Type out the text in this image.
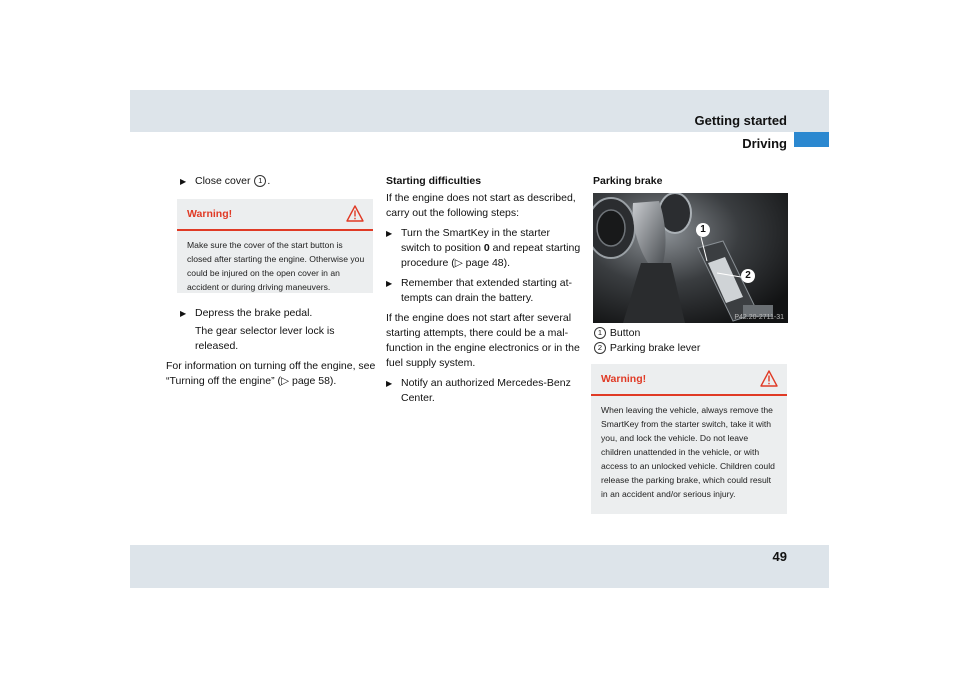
Getting started
Driving

▶ Close cover 1 .

Warning!
Make sure the cover of the start button is closed after starting the engine. Otherwise you could be injured on the open cover in an accident or during driving maneuvers.

▶ Depress the brake pedal.

The gear selector lever lock is released.

For information on turning off the engine, see “Turning off the engine” (▷ page 58).

Starting difficulties

If the engine does not start as described, carry out the following steps:

▶ Turn the SmartKey in the starter switch to position 0 and repeat starting procedure (▷ page 48).

▶ Remember that extended starting at-tempts can drain the battery.

If the engine does not start after several starting attempts, there could be a mal-function in the engine electronics or in the fuel supply system.

▶ Notify an authorized Mercedes-Benz Center.

Parking brake

1
2
P42.20-2711-31

1 Button

2 Parking brake lever

Warning!
When leaving the vehicle, always remove the SmartKey from the starter switch, take it with you, and lock the vehicle. Do not leave children unattended in the vehicle, or with access to an unlocked vehicle. Children could release the parking brake, which could result in an accident and/or serious injury.
49
